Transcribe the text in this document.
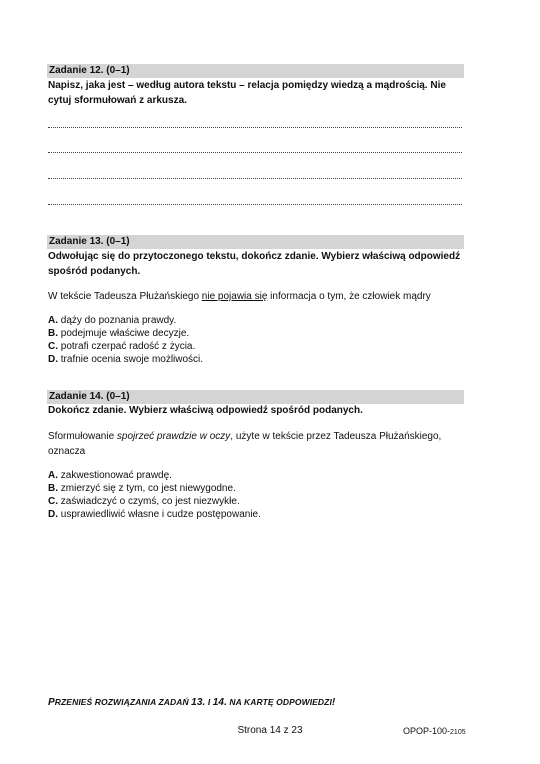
Zadanie 12. (0–1)
Napisz, jaka jest – według autora tekstu – relacja pomiędzy wiedzą a mądrością. Nie
cytuj sformułowań z arkusza.
Zadanie 13. (0–1)
Odwołując się do przytoczonego tekstu, dokończ zdanie. Wybierz właściwą odpowiedź
spośród podanych.
W tekście Tadeusza Płużańskiego nie pojawia się informacja o tym, że człowiek mądry
A. dąży do poznania prawdy.
B. podejmuje właściwe decyzje.
C. potrafi czerpać radość z życia.
D. trafnie ocenia swoje możliwości.
Zadanie 14. (0–1)
Dokończ zdanie. Wybierz właściwą odpowiedź spośród podanych.
Sformułowanie spojrzeć prawdzie w oczy, użyte w tekście przez Tadeusza Płużańskiego,
oznacza
A. zakwestionować prawdę.
B. zmierzyć się z tym, co jest niewygodne.
C. zaświadczyć o czymś, co jest niezwykłe.
D. usprawiedliwić własne i cudze postępowanie.
PRZENIEŚ ROZWIĄZANIA ZADAŃ 13. I 14. NA KARTĘ ODPOWIEDZI!
Strona 14 z 23	OPOP-100-2105
